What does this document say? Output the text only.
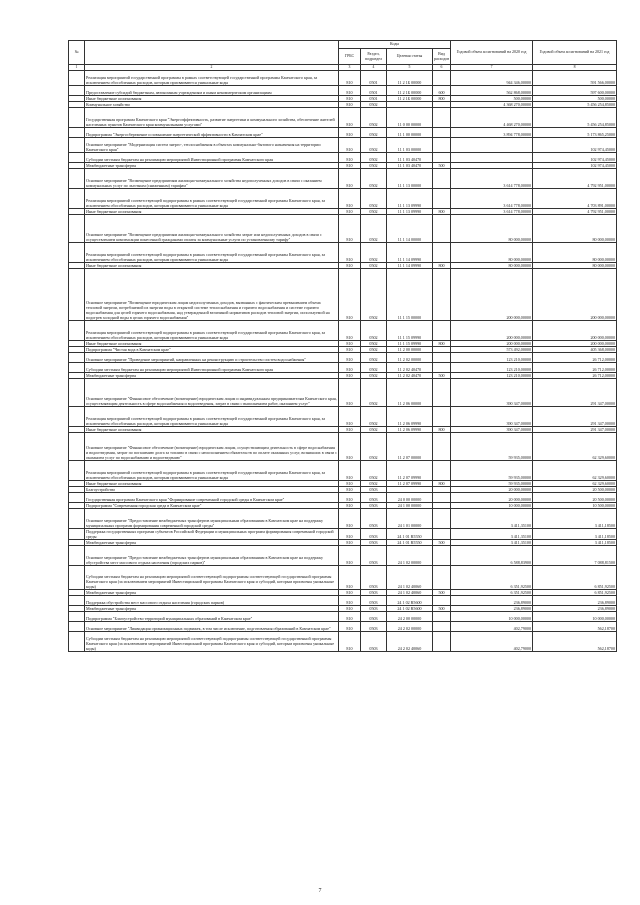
№		Коды				Годовой объем ассигнований на 2020 год	Годовой объем ассигнований на 2021 год
		ГРБС	Раздел, подраздел	Целевая статья	Вид расходов		
1	2	3	4	5	6	7	8
	Реализация мероприятий государственной программы в рамках соответствующей государственной программы Камчатского края, за исключением обособленных расходов, которым присваиваются уникальные коды	810	0501	11 2 1Б 00000		944 346,00000	591 566,00000
	Предоставление субсидий бюджетным, автономным учреждениям и иным некоммерческим организациям	810	0501	11 2 1Б 00000	600	562 868,00000	597 600,00000
	Иные бюджетные ассигнования	810	0501	11 2 1Б 00000	800	500,00000	500,00000
	Коммунальное хозяйство	810	0502			4 368 270,00000	5 456 254,85000
	Государственная программа Камчатского края "Энергоэффективность, развитие энергетики и коммунального хозяйства, обеспечение жителей населенных пунктов Камчатского края коммунальными услугами"	810	0502	11 0 00 00000		4 468 270,00000	5 456 254,85000
	Подпрограмма "Энергосбережение и повышение энергетической эффективности в Камчатском крае"	810	0502	11 1 00 00000		3 894 778,00000	5 173 865,25000
	Основное мероприятие "Модернизация систем энерго-, теплоснабжения в объектах коммунально-бытового назначения на территории Камчатского края"	810	0502	11 1 03 00000			102 974,45000
	Субсидии местным бюджетам на реализацию мероприятий Инвестиционной программы Камчатского края	810	0502	11 1 03 40470			102 974,45000
	Межбюджетные трансферты	810	0502	11 1 03 40470	500		102 974,45000
	Основное мероприятие "Возмещение предприятиям жилищно-коммунального хозяйства недополученных доходов в связи с оказанием коммунальных услуг по льготным (сниженным) тарифам"	810	0502	11 1 13 00000		3 614 778,00000	4 792 951,00000
	Реализация мероприятий соответствующей подпрограммы в рамках соответствующей государственной программы Камчатского края, за исключением обособленных расходов, которым присваиваются уникальные коды	810	0502	11 1 13 09990		3 614 778,00000	4 703 891,00000
	Иные бюджетные ассигнования	810	0502	11 1 13 09990	800	3 614 778,00000	4 792 951,00000
	Основное мероприятие "Возмещение предприятиям жилищно-коммунального хозяйства затрат или недополученных доходов в связи с осуществлением компенсации понесенной гражданами оплаты за коммунальные услуги по установленному тарифу"	810	0502	11 1 14 00000		80 000,00000	80 000,00000
	Реализация мероприятий соответствующей подпрограммы в рамках соответствующей государственной программы Камчатского края, за исключением обособленных расходов, которым присваиваются уникальные коды	810	0502	11 1 14 09990		80 000,00000	80 000,00000
	Иные бюджетные ассигнования	810	0502	11 1 14 09990	800	80 000,00000	80 000,00000
	Основное мероприятие "Возмещение юридическим лицам недополученных доходов, вызванных с фактическим превышением объема тепловой энергии, потребляемой из энергии воды в открытой системе теплоснабжения и горячего водоснабжения и системе горячего водоснабжения для целей горячего водоснабжения, над утвержденной величиной нормативов расходов тепловой энергии, используемой на подогрев холодной воды в целях горячего водоснабжения"	810	0502	11 1 15 00000		200 000,00000	200 000,00000
	Реализация мероприятий соответствующей подпрограммы в рамках соответствующей государственной программы Камчатского края, за исключением обособленных расходов, которым присваиваются уникальные коды	810	0502	11 1 15 09990		200 000,00000	200 000,00000
	Иные бюджетные ассигнования	810	0502	11 1 15 09990	800	200 000,00000	200 000,00000
	Подпрограмма "Чистая вода в Камчатском крае"	810	0502	11 2 00 00000		573 492,00000	405 368,00000
	Основное мероприятие "Проведение мероприятий, направленных на реконструкцию и строительство систем водоснабжения"	810	0502	11 2 02 00000		123 210,00000	26 712,00000
	Субсидии местным бюджетам на реализацию мероприятий Инвестиционной программы Камчатского края	810	0502	11 2 02 40470		123 210,00000	26 712,00000
	Межбюджетные трансферты	810	0502	11 2 02 40470	500	123 210,00000	26 712,00000
	Основное мероприятие "Финансовое обеспечение (возмещение) юридическим лицам и индивидуальным предпринимателям Камчатского края, осуществляющим деятельность в сфере водоснабжения и водоотведения, затрат в связи с выполнением работ, оказанием услуг"	810	0502	11 2 06 00000		390 347,00000	291 347,00000
	Реализация мероприятий соответствующей подпрограммы в рамках соответствующей государственной программы Камчатского края, за исключением обособленных расходов, которым присваиваются уникальные коды	810	0502	11 2 06 09990		390 347,00000	291 347,00000
	Иные бюджетные ассигнования	810	0502	11 2 06 09990	800	390 347,00000	291 347,00000
	Основное мероприятие "Финансовое обеспечение (возмещение) юридическим лицам, осуществляющим деятельность в сфере водоснабжения и водоотведения, затрат по погашению долга за топливо в связи с неисполнением обязательств по оплате оказанных услуг, возникших в связи с оказанием услуг по водоснабжению и водоотведению"	810	0502	11 2 07 00000		59 935,00000	62 329,60000
	Реализация мероприятий соответствующей подпрограммы в рамках соответствующей государственной программы Камчатского края, за исключением обособленных расходов, которым присваиваются уникальные коды	810	0502	11 2 07 09990		59 935,00000	62 329,60000
	Иные бюджетные ассигнования	810	0502	11 2 07 09990	800	59 935,00000	62 329,60000
	Благоустройство	810	0503			20 000,00000	20 500,00000
	Государственная программа Камчатского края "Формирование современной городской среды в Камчатском крае"	810	0503	24 0 00 00000		20 000,00000	20 500,00000
	Подпрограмма "Современная городская среда в Камчатском крае"	810	0503	24 1 00 00000		10 000,00000	10 500,00000
	Основное мероприятие "Предоставление межбюджетных трансфертов муниципальным образованиям в Камчатском крае на поддержку муниципальных программ формирования современной городской среды"	810	0503	24 1 01 00000		3 411,35100	3 411,18500
	Поддержка государственных программ субъектов Российской Федерации и муниципальных программ формирования современной городской среды	810	0503	24 1 01 R5550		3 411,35100	3 411,18500
	Межбюджетные трансферты	810	0503	24 1 01 R5550	500	3 411,35100	3 411,18500
	Основное мероприятие "Предоставление межбюджетных трансфертов муниципальным образованиям в Камчатском крае на поддержку обустройства мест массового отдыха населения (городских парков)"	810	0503	24 1 02 00000		6 588,83900	7 088,81500
	Субсидии местным бюджетам на реализацию мероприятий соответствующей подпрограммы соответствующей государственной программы Камчатского края (за исключением мероприятий Инвестиционной программы Камчатского края и субсидий, которым присвоены уникальные коды)	810	0503	24 1 02 40060		6 351,92500	6 851,92500
	Межбюджетные трансферты	810	0503	24 1 02 40060	500	6 351,92500	6 851,92500
	Поддержка обустройства мест массового отдыха населения (городских парков)	810	0503	24 1 02 R5600		236,89000	236,89000
	Межбюджетные трансферты	810	0503	24 1 02 R5600	500	236,89000	236,89000
	Подпрограмма "Благоустройство территорий муниципальных образований в Камчатском крае"	810	0503	24 2 00 00000		10 000,00000	10 000,00000
	Основное мероприятие "Ликвидация организационных подвижек, в том числе исключение, подготовления образований в Камчатском крае"	810	0503	24 2 02 00000		402,79000	562,18700
	Субсидии местным бюджетам на реализацию мероприятий соответствующей подпрограммы соответствующей государственной программы Камчатского края (за исключением мероприятий Инвестиционной программы Камчатского края и субсидий, которым присвоены уникальные коды)	810	0503	24 2 02 40060		402,79000	562,18700
7
